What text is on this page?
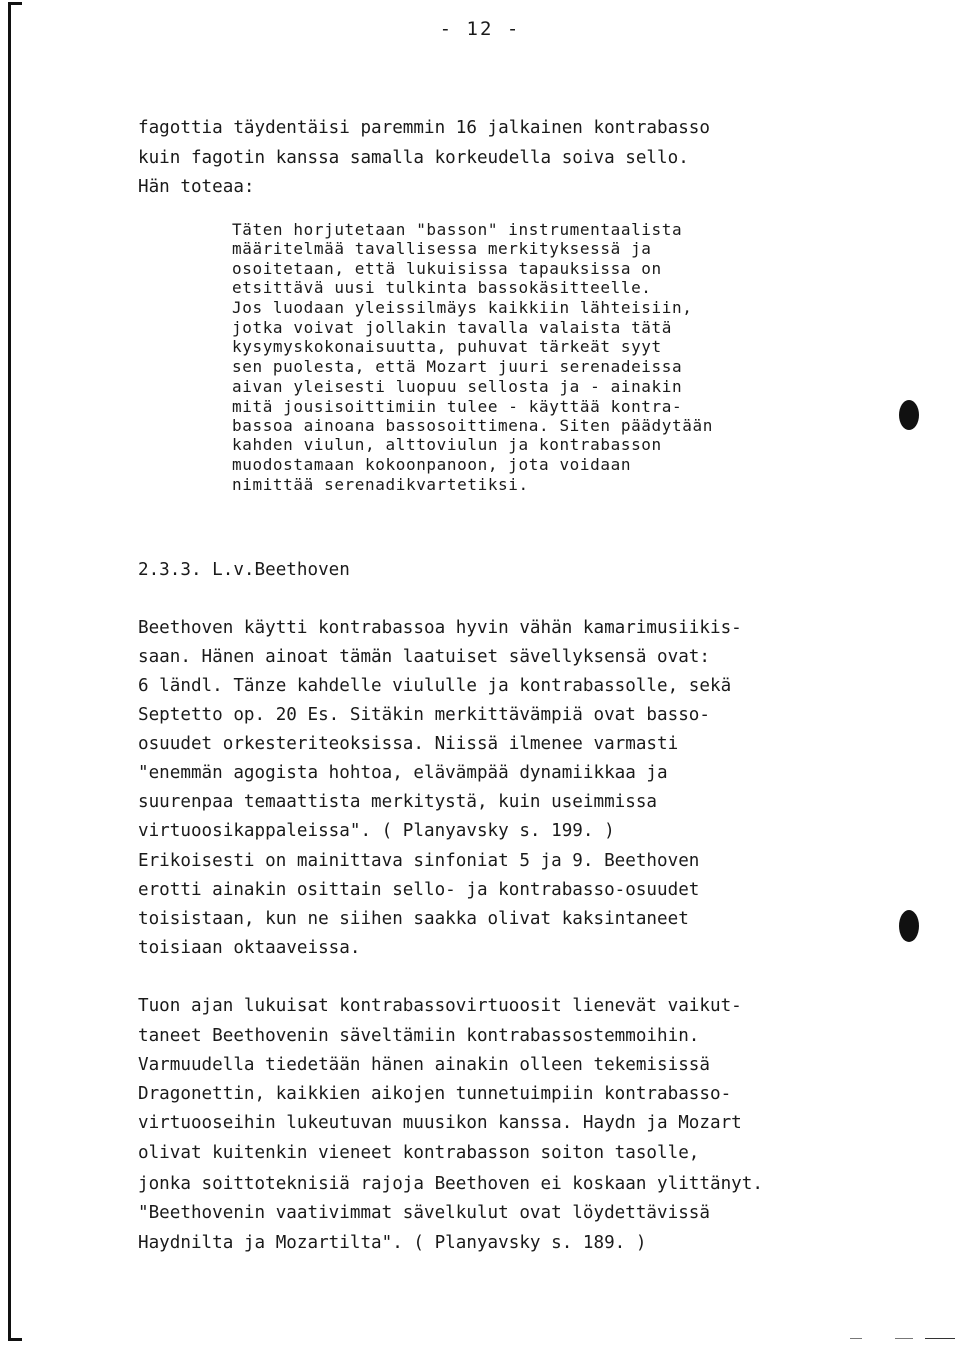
- 12 -
fagottia täydentäisi paremmin 16 jalkainen kontrabasso
kuin fagotin kanssa samalla korkeudella soiva sello.
Hän toteaa:
Täten horjutetaan "basson" instrumentaalista
määritelmää tavallisessa merkityksessä ja
osoitetaan, että lukuisissa tapauksissa on
etsittävä uusi tulkinta bassokäsitteelle.
Jos luodaan yleissilmäys kaikkiin lähteisiin,
jotka voivat jollakin tavalla valaista tätä
kysymyskokonaisuutta, puhuvat tärkeät syyt
sen puolesta, että Mozart juuri serenadeissa
aivan yleisesti luopuu sellosta ja - ainakin
mitä jousisoittimiin tulee - käyttää kontra-
bassoa ainoana bassosoittimena. Siten päädytään
kahden viulun, alttoviulun ja kontrabasson
muodostamaan kokoonpanoon, jota voidaan
nimittää serenadikvartetiksi.
2.3.3. L.v.Beethoven
Beethoven käytti kontrabassoa hyvin vähän kamarimusiikis-
saan. Hänen ainoat tämän laatuiset sävellyksensä ovat:
6 ländl. Tänze kahdelle viululle ja kontrabassolle, sekä
Septetto op. 20 Es. Sitäkin merkittävämpiä ovat basso-
osuudet orkesteriteoksissa. Niissä ilmenee varmasti
"enemmän agogista hohtoa, elävämpää dynamiikkaa ja
suurenpaa temaattista merkitystä, kuin useimmissa
virtuoosikappaleissa". ( Planyavsky s. 199. )
Erikoisesti on mainittava sinfoniat 5 ja 9. Beethoven
erotti ainakin osittain sello- ja kontrabasso-osuudet
toisistaan, kun ne siihen saakka olivat kaksintaneet
toisiaan oktaaveissa.
Tuon ajan lukuisat kontrabassovirtuoosit lienevät vaikut-
taneet Beethovenin säveltämiin kontrabassostemmoihin.
Varmuudella tiedetään hänen ainakin olleen tekemisissä
Dragonettin, kaikkien aikojen tunnetuimpiin kontrabasso-
virtuooseihin lukeutuvan muusikon kanssa. Haydn ja Mozart
olivat kuitenkin vieneet kontrabasson soiton tasolle,
jonka soittoteknisiä rajoja Beethoven ei koskaan ylittänyt.
"Beethovenin vaativimmat sävelkulut ovat löydettävissä
Haydnilta ja Mozartilta". ( Planyavsky s. 189. )
